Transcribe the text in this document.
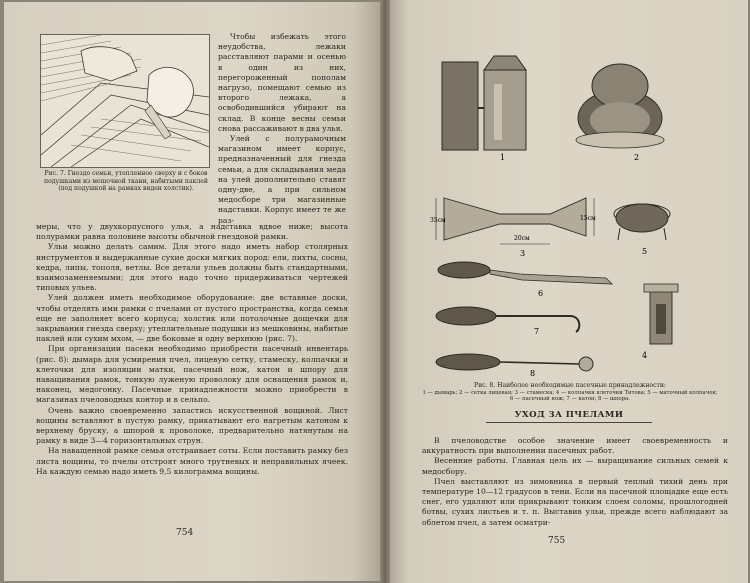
Рис. 7. Гнездо семьи, утепленное сверху и с боков подушками из мешочной ткани, набитыми паклей (под подушкой на рамках виден холстик).

Чтобы избежать этого неудобства, лежаки расставляют парами и осенью в один из них, перегороженный пополам нагрузо, помещают семью из второго лежака, а освободившийся убирают на склад. В конце весны семьи снова рассаживают в два улья.

Улей с полурамочным магазином имеет корпус, предназначенный для гнезда семьи, а для складывания меда на улей дополнительно ставят одну-две, а при сильном медосборе три магазинные надставки. Корпус имеет те же раз-

меры, что у двухкорпусного улья, а надставка вдвое ниже; высота полурамки равна половине высоты обычной гнездовой рамки.

Ульи можно делать самим. Для этого надо иметь набор столярных инструментов и выдержанные сухие доски мягких пород: ели, пихты, сосны, кедра, липы, тополя, ветлы. Все детали ульев должны быть стандартными, взаимозаменяемыми; для этого надо точно придерживаться чертежей типовых ульев.

Улей должен иметь необходимое оборудование: две вставные доски, чтобы отделять ими рамки с пчелами от пустого пространства, когда семья еще не заполняет всего корпуса; холстик или потолочные дощечки для закрывания гнезда сверху; утеплительные подушки из мешковины, набитые паклей или сухим мхом, — две боковые и одну верхнюю (рис. 7).

При организации пасеки необходимо приобрести пасечный инвентарь (рис. 8): дымарь для усмирения пчел, лицевую сетку, стамеску, колпачки и клеточки для изоляции матки, пасечный нож, катон и шпору для наващивания рамок, тонкую луженую проволоку для оснащения рамок и, наконец, медогонку. Пасечные принадлежности можно приобрести в магазинах пчеловодных контор и в сельпо.

Очень важно своевременно запастись искусственной вощиной. Лист вощины вставляют в пустую рамку, прикатывают его нагретым катоном к верхнему бруску, а шпорой к проволоке, предварительно натянутым на рамку в виде 3—4 горизонтальных струн.

На наващенной рамке семья отстраивает соты. Если поставить рамку без листа вощины, то пчелы отстроят много трутневых и неправильных ячеек. На каждую семью надо иметь 9,5 килограмма вощины.

754
1	2
3
4
5
6
7
8
35см
20см
15см
Рис. 8. Наиболее необходимые пасечные принадлежности:
1 — дымарь; 2 — сетка лицевая; 3 — стамеска; 4 — колпачки клеточки Титова; 5 — маточный колпачок; 6 — пасечный нож; 7 — катон; 8 — шпора.
УХОД ЗА ПЧЕЛАМИ

В пчеловодстве особое значение имеет своевременность и аккуратность при выполнении пасечных работ.

Весенние работы. Главная цель их — выращивание сильных семей к медосбору.

Пчел выставляют из зимовника в первый теплый тихий день при температуре 10—12 градусов в тени. Если на пасечной площадке еще есть снег, его удаляют или прикрывают тонким слоем соломы, прошлогодней ботвы, сухих листьев и т. п. Выставив ульи, прежде всего наблюдают за облетом пчел, а затем осматри-

755
